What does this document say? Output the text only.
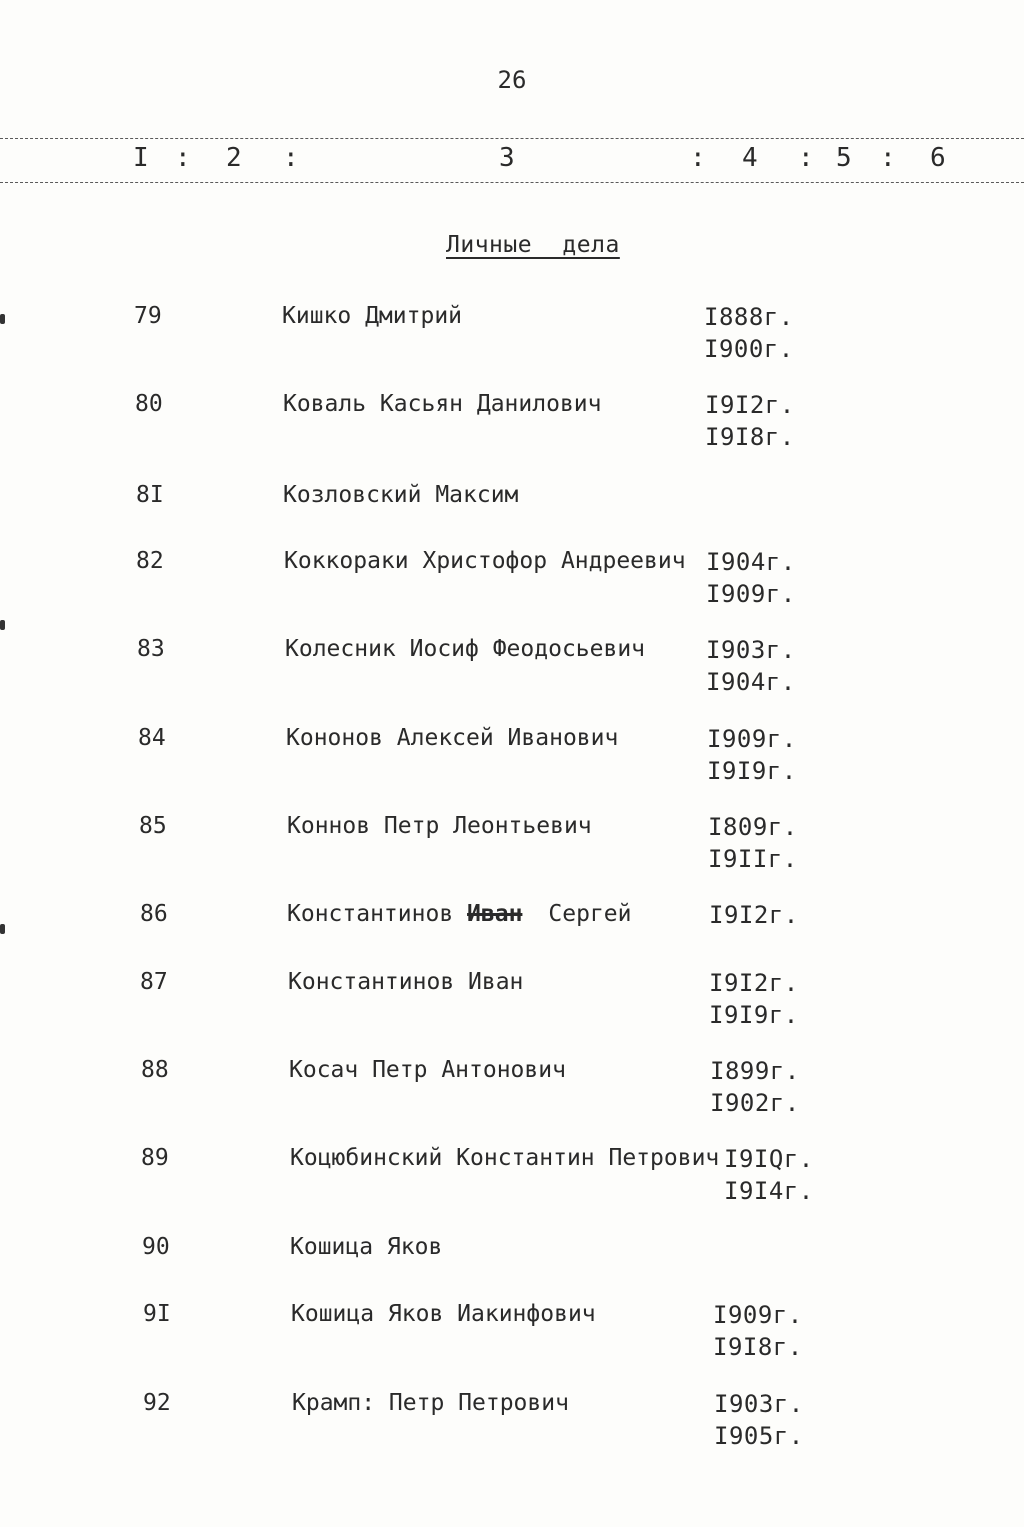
26
I : 2 :	3	: 4 : 5 : 6
Личные дела
79	Кишко Дмитрий	I888г.
I900г.
80	Коваль Касьян Данилович	I9I2г.
I9I8г.
8I	Козловский Максим
82	Коккораки Христофор Андреевич I904г.
I909г.
83	Колесник Иосиф Феодосьевич	I903г.
I904г.
84	Кононов Алексей Иванович	I909г.
I9I9г.
85	Коннов Петр Леонтьевич	I809г.
I9IIг.
86	Константинов Иван Сергей	I9I2г.
87	Константинов Иван	I9I2г.
I9I9г.
88	Косач Петр Антонович	I899г.
I902г.
89	Коцюбинский Константин Петрович I9IQг.
I9I4г.
90	Кошица Яков
9I	Кошица Яков Иакинфович	I909г.
I9I8г.
92	Крамп: Петр Петрович	I903г.
I905г.
